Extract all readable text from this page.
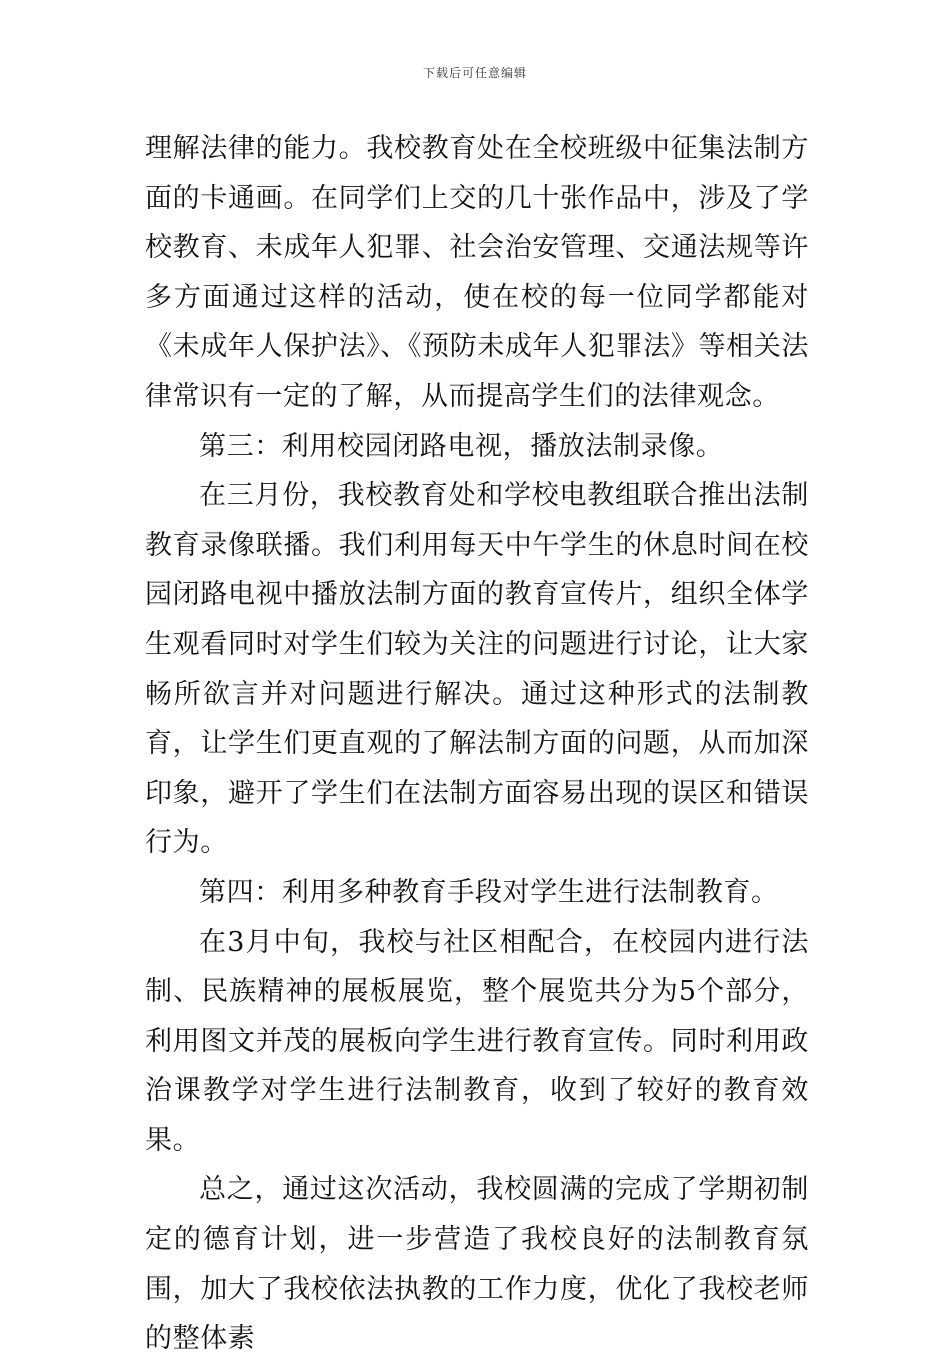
下载后可任意编辑

理解法律的能力。我校教育处在全校班级中征集法制方面的卡通画。在同学们上交的几十张作品中，涉及了学校教育、未成年人犯罪、社会治安管理、交通法规等许多方面通过这样的活动，使在校的每一位同学都能对《未成年人保护法》、《预防未成年人犯罪法》等相关法律常识有一定的了解，从而提高学生们的法律观念。

第三：利用校园闭路电视，播放法制录像。

在三月份，我校教育处和学校电教组联合推出法制教育录像联播。我们利用每天中午学生的休息时间在校园闭路电视中播放法制方面的教育宣传片，组织全体学生观看同时对学生们较为关注的问题进行讨论，让大家畅所欲言并对问题进行解决。通过这种形式的法制教育，让学生们更直观的了解法制方面的问题，从而加深印象，避开了学生们在法制方面容易出现的误区和错误行为。

第四：利用多种教育手段对学生进行法制教育。

在3月中旬，我校与社区相配合，在校园内进行法制、民族精神的展板展览，整个展览共分为5个部分，利用图文并茂的展板向学生进行教育宣传。同时利用政治课教学对学生进行法制教育，收到了较好的教育效果。

总之，通过这次活动，我校圆满的完成了学期初制定的德育计划，进一步营造了我校良好的法制教育氛围，加大了我校依法执教的工作力度，优化了我校老师的整体素
